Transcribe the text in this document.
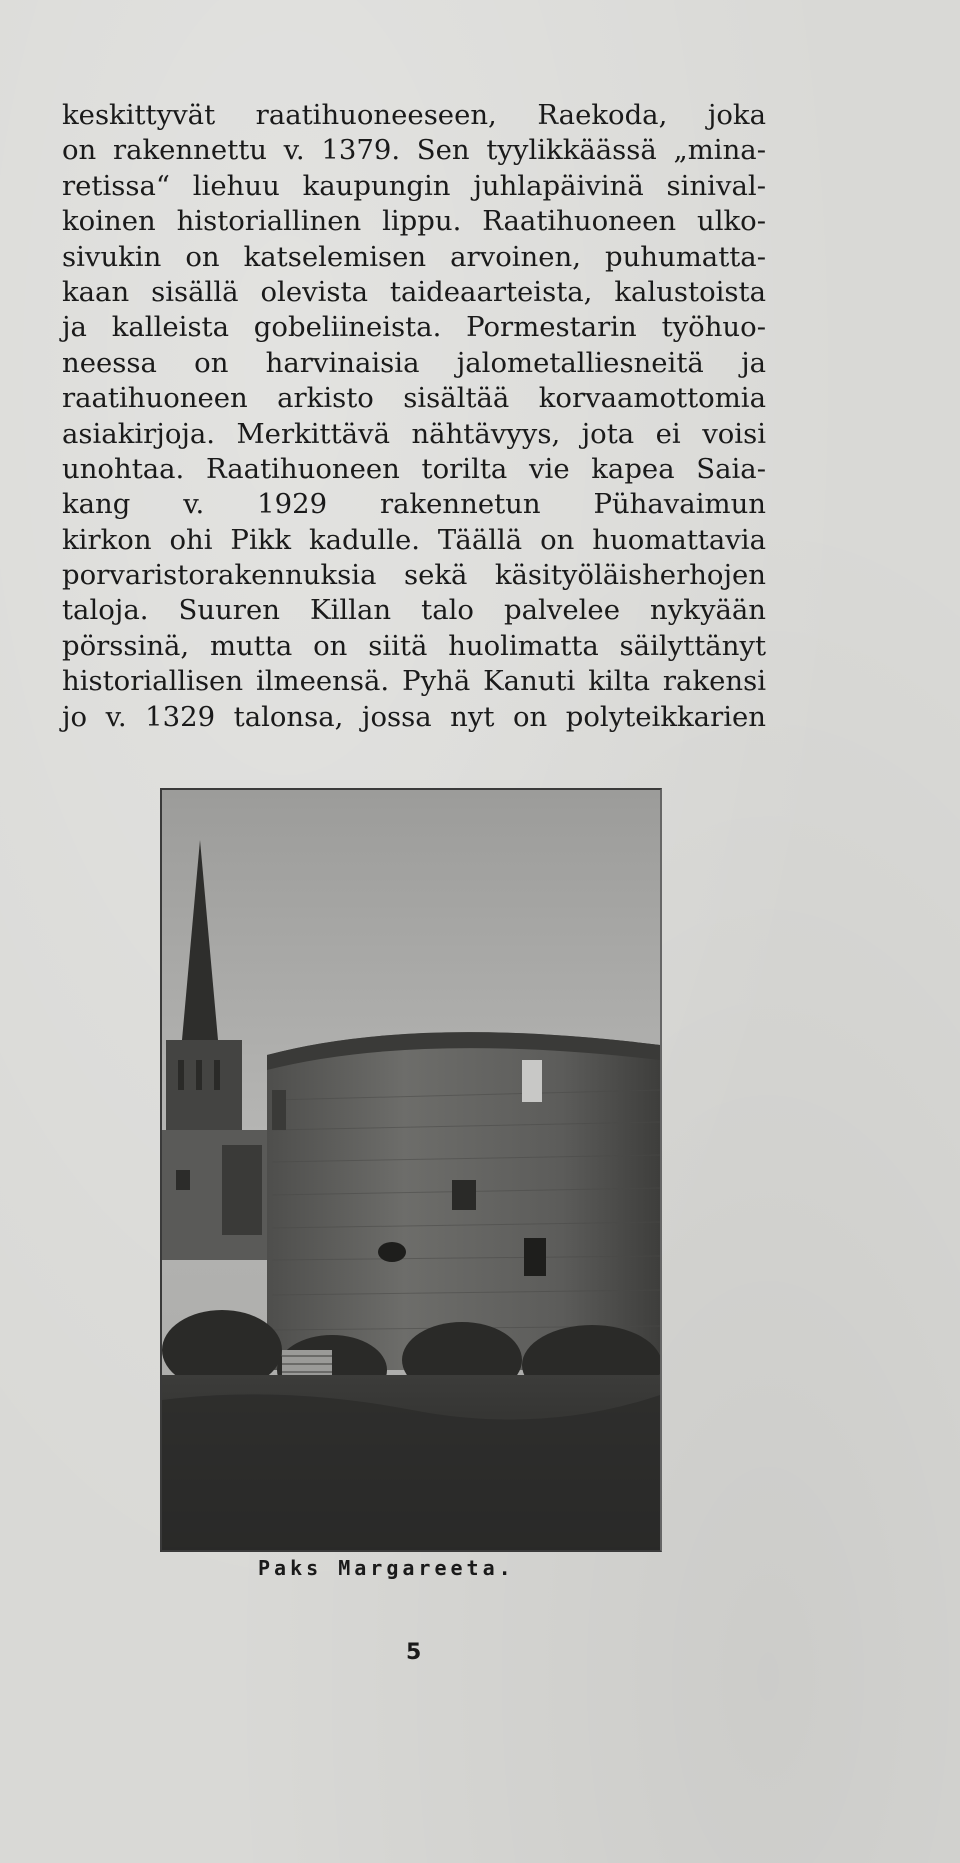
keskittyvät raatihuoneeseen, Raekoda, joka
on rakennettu v. 1379. Sen tyylikkäässä „mina-
retissa“ liehuu kaupungin juhlapäivinä sinival-
koinen historiallinen lippu. Raatihuoneen ulko-
sivukin on katselemisen arvoinen, puhumatta-
kaan sisällä olevista taideaarteista, kalustoista
ja kalleista gobeliineista. Pormestarin työhuo-
neessa on harvinaisia jalometalliesneitä ja
raatihuoneen arkisto sisältää korvaamottomia
asiakirjoja. Merkittävä nähtävyys, jota ei voisi
unohtaa. Raatihuoneen torilta vie kapea Saia-
kang v. 1929 rakennetun Pühavaimun
kirkon ohi Pikk kadulle. Täällä on huomattavia
porvaristorakennuksia sekä käsityöläisherhojen
taloja. Suuren Killan talo palvelee nykyään
pörssinä, mutta on siitä huolimatta säilyttänyt
historiallisen ilmeensä. Pyhä Kanuti kilta rakensi
jo v. 1329 talonsa, jossa nyt on polyteikkarien
Paks Margareeta.
5
